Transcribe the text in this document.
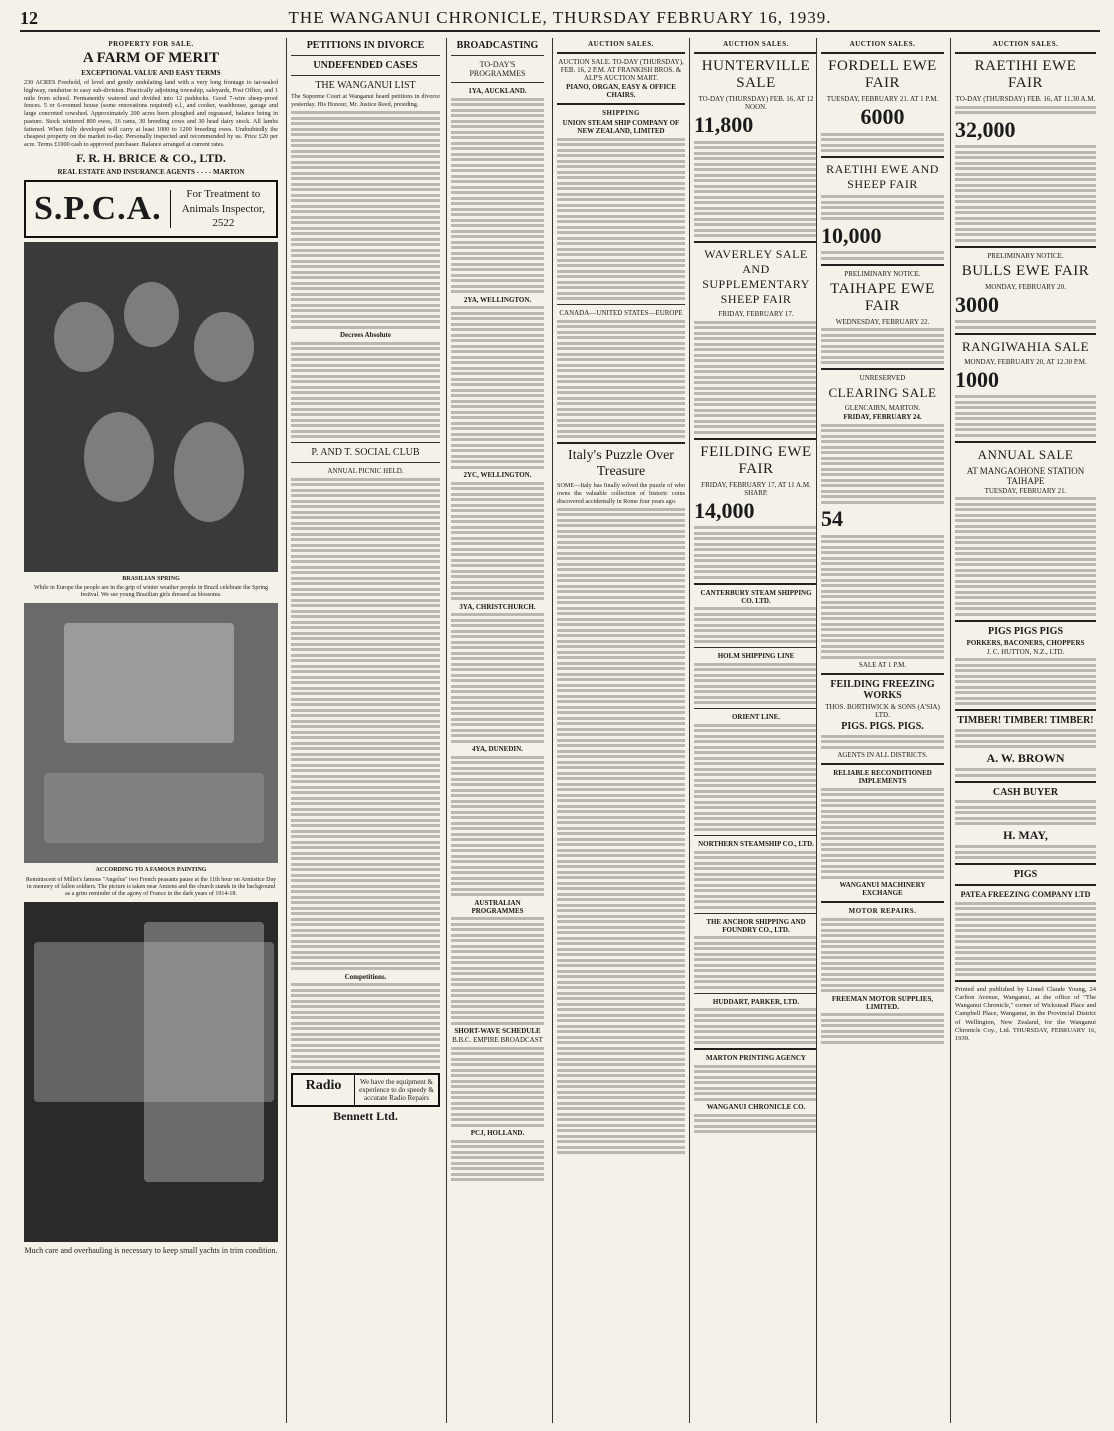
12	THE WANGANUI CHRONICLE, THURSDAY FEBRUARY 16, 1939.
PROPERTY FOR SALE.
A FARM OF MERIT
EXCEPTIONAL VALUE AND EASY TERMS
230 ACRES Freehold, of level and gently undulating land with a very long frontage to tar-sealed highway, rundurise to easy sub-division. Practically adjoining township, saleyards, Post Office, and 1 mile from school. Permanently watered and divided into 12 paddocks. Good 7-wire sheep-proof fences. 5 or 6-roomed house (some renovations required) e.l., and cooker, washhouse, garage and large concreted cowshed. Approximately 200 acres been ploughed and regrassed, balance being in pasture. Stock wintered 800 ewes, 16 rams, 30 breeding cows and 30 head dairy stock. All lambs fattened. When fully developed will carry at least 1000 to 1200 breeding ewes. Undoubtedly the cheapest property on the market to-day. Personally inspected and recommended by us. Price £20 per acre. Terms £1000 cash to approved purchaser. Balance arranged at current rates.
F. R. H. BRICE & CO., LTD.
REAL ESTATE AND INSURANCE AGENTS - - - - MARTON
S.P.C.A.	For Treatment to Animals Inspector, 2522
BRASILIAN SPRING
While in Europe the people are in the grip of winter weather people in Brazil celebrate the Spring festival. We see young Brazilian girls dressed as blossoms.
ACCORDING TO A FAMOUS PAINTING
Reminiscent of Millet's famous "Angelus" two French peasants pause at the 11th hour on Armistice Day in memory of fallen soldiers. The picture is taken near Amiens and the church stands in the background as a grim reminder of the agony of France in the dark years of 1914-18.
Much care and overhauling is necessary to keep small yachts in trim condition.
PETITIONS IN DIVORCE
UNDEFENDED CASES
THE WANGANUI LIST
The Supreme Court at Wanganui heard petitions in divorce yesterday. His Honour, Mr. Justice Reed, presiding.
Decrees Absolute
P. AND T. SOCIAL CLUB
ANNUAL PICNIC HELD.
Competitions.
Radio	We have the equipment & experience to do speedy & accurate Radio Repairs
Bennett Ltd.
BROADCASTING
TO-DAY'S PROGRAMMES
1YA, AUCKLAND.
2YA, WELLINGTON.
2YC, WELLINGTON.
3YA, CHRISTCHURCH.
4YA, DUNEDIN.
AUSTRALIAN PROGRAMMES
SHORT-WAVE SCHEDULE
B.B.C. EMPIRE BROADCAST
PCJ, HOLLAND.
AUCTION SALES.
AUCTION SALE. TO-DAY (THURSDAY), FEB. 16, 2 P.M. AT FRANKISH BROS. & ALP'S AUCTION MART.
PIANO, ORGAN, EASY & OFFICE CHAIRS.
SHIPPING
UNION STEAM SHIP COMPANY OF NEW ZEALAND, LIMITED
CANADA—UNITED STATES—EUROPE
Italy's Puzzle Over Treasure
SOME—Italy has finally solved the puzzle of who owns the valuable collection of historic coins discovered accidentally in Rome four years ago.
AUCTION SALES.
HUNTERVILLE SALE
TO-DAY (THURSDAY) FEB. 16, AT 12 NOON.
11,800
WAVERLEY SALE AND SUPPLEMENTARY SHEEP FAIR
FRIDAY, FEBRUARY 17.
FEILDING EWE FAIR
FRIDAY, FEBRUARY 17, AT 11 A.M. SHARP.
14,000
CANTERBURY STEAM SHIPPING CO. LTD.
HOLM SHIPPING LINE
ORIENT LINE.
NORTHERN STEAMSHIP CO., LTD.
THE ANCHOR SHIPPING AND FOUNDRY CO., LTD.
HUDDART, PARKER, LTD.
MARTON PRINTING AGENCY
WANGANUI CHRONICLE CO.
AUCTION SALES.
FORDELL EWE FAIR
TUESDAY, FEBRUARY 21. AT 1 P.M.
6000
RAETIHI EWE AND SHEEP FAIR
10,000
PRELIMINARY NOTICE.
TAIHAPE EWE FAIR
WEDNESDAY, FEBRUARY 22.
UNRESERVED
CLEARING SALE
GLENCAIRN, MARTON.
FRIDAY, FEBRUARY 24.
54
SALE AT 1 P.M.
FEILDING FREEZING WORKS
THOS. BORTHWICK & SONS (A'SIA) LTD.
PIGS. PIGS. PIGS.
AGENTS IN ALL DISTRICTS.
RELIABLE RECONDITIONED IMPLEMENTS
WANGANUI MACHINERY EXCHANGE
MOTOR REPAIRS.
FREEMAN MOTOR SUPPLIES, LIMITED.
AUCTION SALES.
RAETIHI EWE FAIR
TO-DAY (THURSDAY) FEB. 16, AT 11.30 A.M.
32,000
PRELIMINARY NOTICE.
BULLS EWE FAIR
MONDAY, FEBRUARY 20.
3000
RANGIWAHIA SALE
MONDAY, FEBRUARY 20, AT 12.30 P.M.
1000
ANNUAL SALE
AT MANGAOHONE STATION TAIHAPE
TUESDAY, FEBRUARY 21.
PIGS PIGS PIGS
PORKERS, BACONERS, CHOPPERS
J. C. HUTTON, N.Z., LTD.
TIMBER! TIMBER! TIMBER!
A. W. BROWN
CASH BUYER
H. MAY,
PIGS
PATEA FREEZING COMPANY LTD
Printed and published by Lionel Claude Young, 24 Carlton Avenue, Wanganui, at the office of "The Wanganui Chronicle," corner of Wickstead Place and Campbell Place, Wanganui, in the Provincial District of Wellington, New Zealand, for the Wanganui Chronicle Coy., Ltd. THURSDAY, FEBRUARY 16, 1939.
